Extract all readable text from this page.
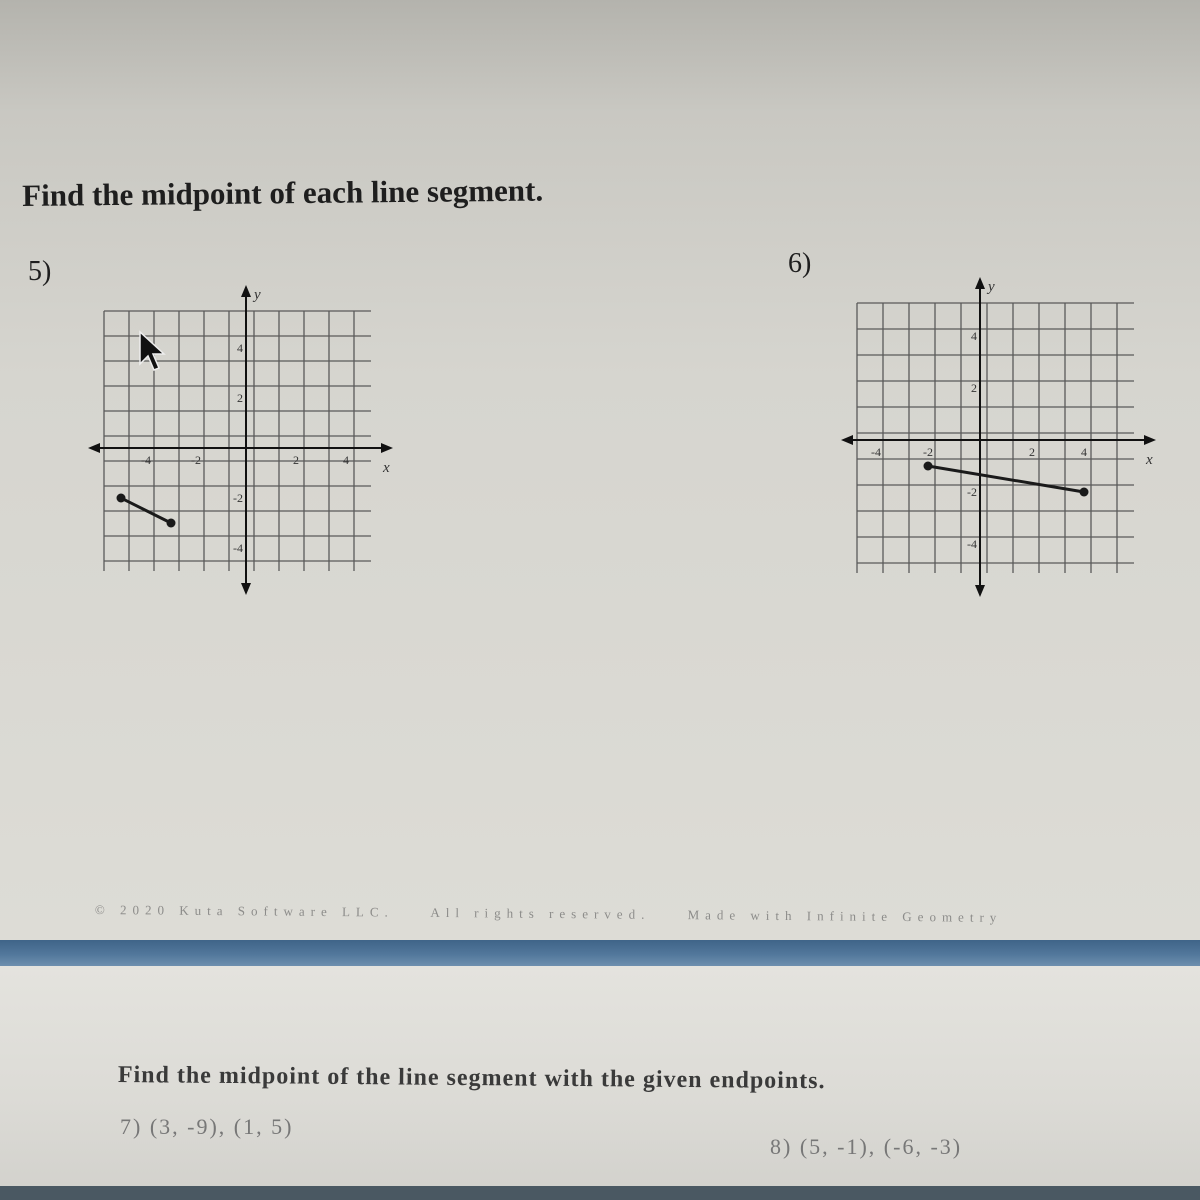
Find the midpoint of each line segment.
5)	6)
x
y
-4	-2	2	4
4
2
-2
-4
x
y
-4	-2	2	4
4
2
-2
-4
© 2020 Kuta Software LLC.	All rights reserved.	Made with Infinite Geometry
Find the midpoint of the line segment with the given endpoints.
7) (3, -9), (1, 5)
8) (5, -1), (-6, -3)
